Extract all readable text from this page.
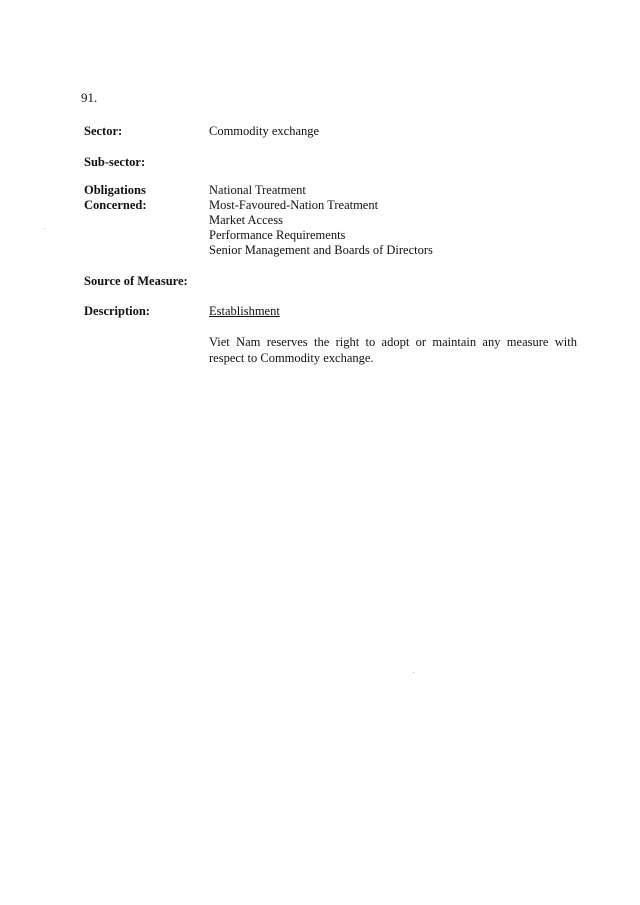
91.
Sector:	Commodity exchange
Sub-sector:
Obligations
Concerned:
National Treatment
Most-Favoured-Nation Treatment
Market Access
Performance Requirements
Senior Management and Boards of Directors
Source of Measure:
Description:	Establishment
Viet Nam reserves the right to adopt or maintain any measure with respect to Commodity exchange.
